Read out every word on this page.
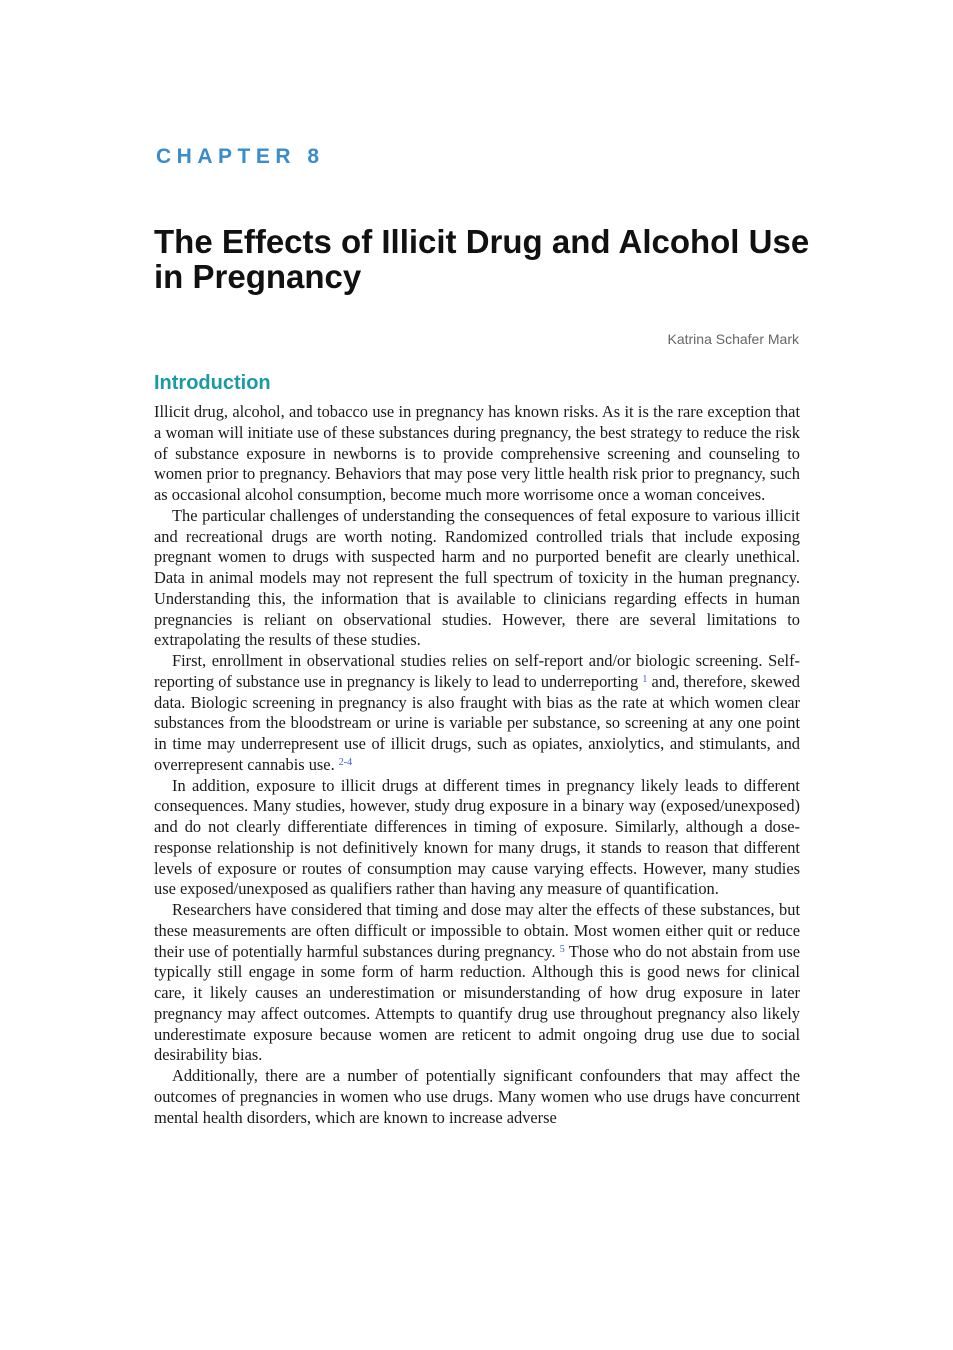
CHAPTER 8
The Effects of Illicit Drug and Alcohol Use in Pregnancy

Katrina Schafer Mark

Introduction

Illicit drug, alcohol, and tobacco use in pregnancy has known risks. As it is the rare exception that a woman will initiate use of these substances during pregnancy, the best strategy to reduce the risk of substance exposure in newborns is to provide comprehensive screening and counseling to women prior to pregnancy. Behaviors that may pose very little health risk prior to pregnancy, such as occasional alcohol consumption, become much more worrisome once a woman conceives.

The particular challenges of understanding the consequences of fetal exposure to various illicit and recreational drugs are worth noting. Randomized controlled trials that include exposing pregnant women to drugs with suspected harm and no purported benefit are clearly unethical. Data in animal models may not represent the full spectrum of toxicity in the human pregnancy. Understanding this, the information that is available to clinicians regarding effects in human pregnancies is reliant on observational studies. However, there are several limitations to extrapolating the results of these studies.

First, enrollment in observational studies relies on self-report and/or biologic screening. Self-reporting of substance use in pregnancy is likely to lead to underreporting $^1$ and, therefore, skewed data. Biologic screening in pregnancy is also fraught with bias as the rate at which women clear substances from the bloodstream or urine is variable per substance, so screening at any one point in time may underrepresent use of illicit drugs, such as opiates, anxiolytics, and stimulants, and overrepresent cannabis use. $^{2-4}$

In addition, exposure to illicit drugs at different times in pregnancy likely leads to different consequences. Many studies, however, study drug exposure in a binary way (exposed/unexposed) and do not clearly differentiate differences in timing of exposure. Similarly, although a dose-response relationship is not definitively known for many drugs, it stands to reason that different levels of exposure or routes of consumption may cause varying effects. However, many studies use exposed/unexposed as qualifiers rather than having any measure of quantification.

Researchers have considered that timing and dose may alter the effects of these substances, but these measurements are often difficult or impossible to obtain. Most women either quit or reduce their use of potentially harmful substances during pregnancy. $^5$ Those who do not abstain from use typically still engage in some form of harm reduction. Although this is good news for clinical care, it likely causes an underestimation or misunderstanding of how drug exposure in later pregnancy may affect outcomes. Attempts to quantify drug use throughout pregnancy also likely underestimate exposure because women are reticent to admit ongoing drug use due to social desirability bias.

Additionally, there are a number of potentially significant confounders that may affect the outcomes of pregnancies in women who use drugs. Many women who use drugs have concurrent mental health disorders, which are known to increase adverse
